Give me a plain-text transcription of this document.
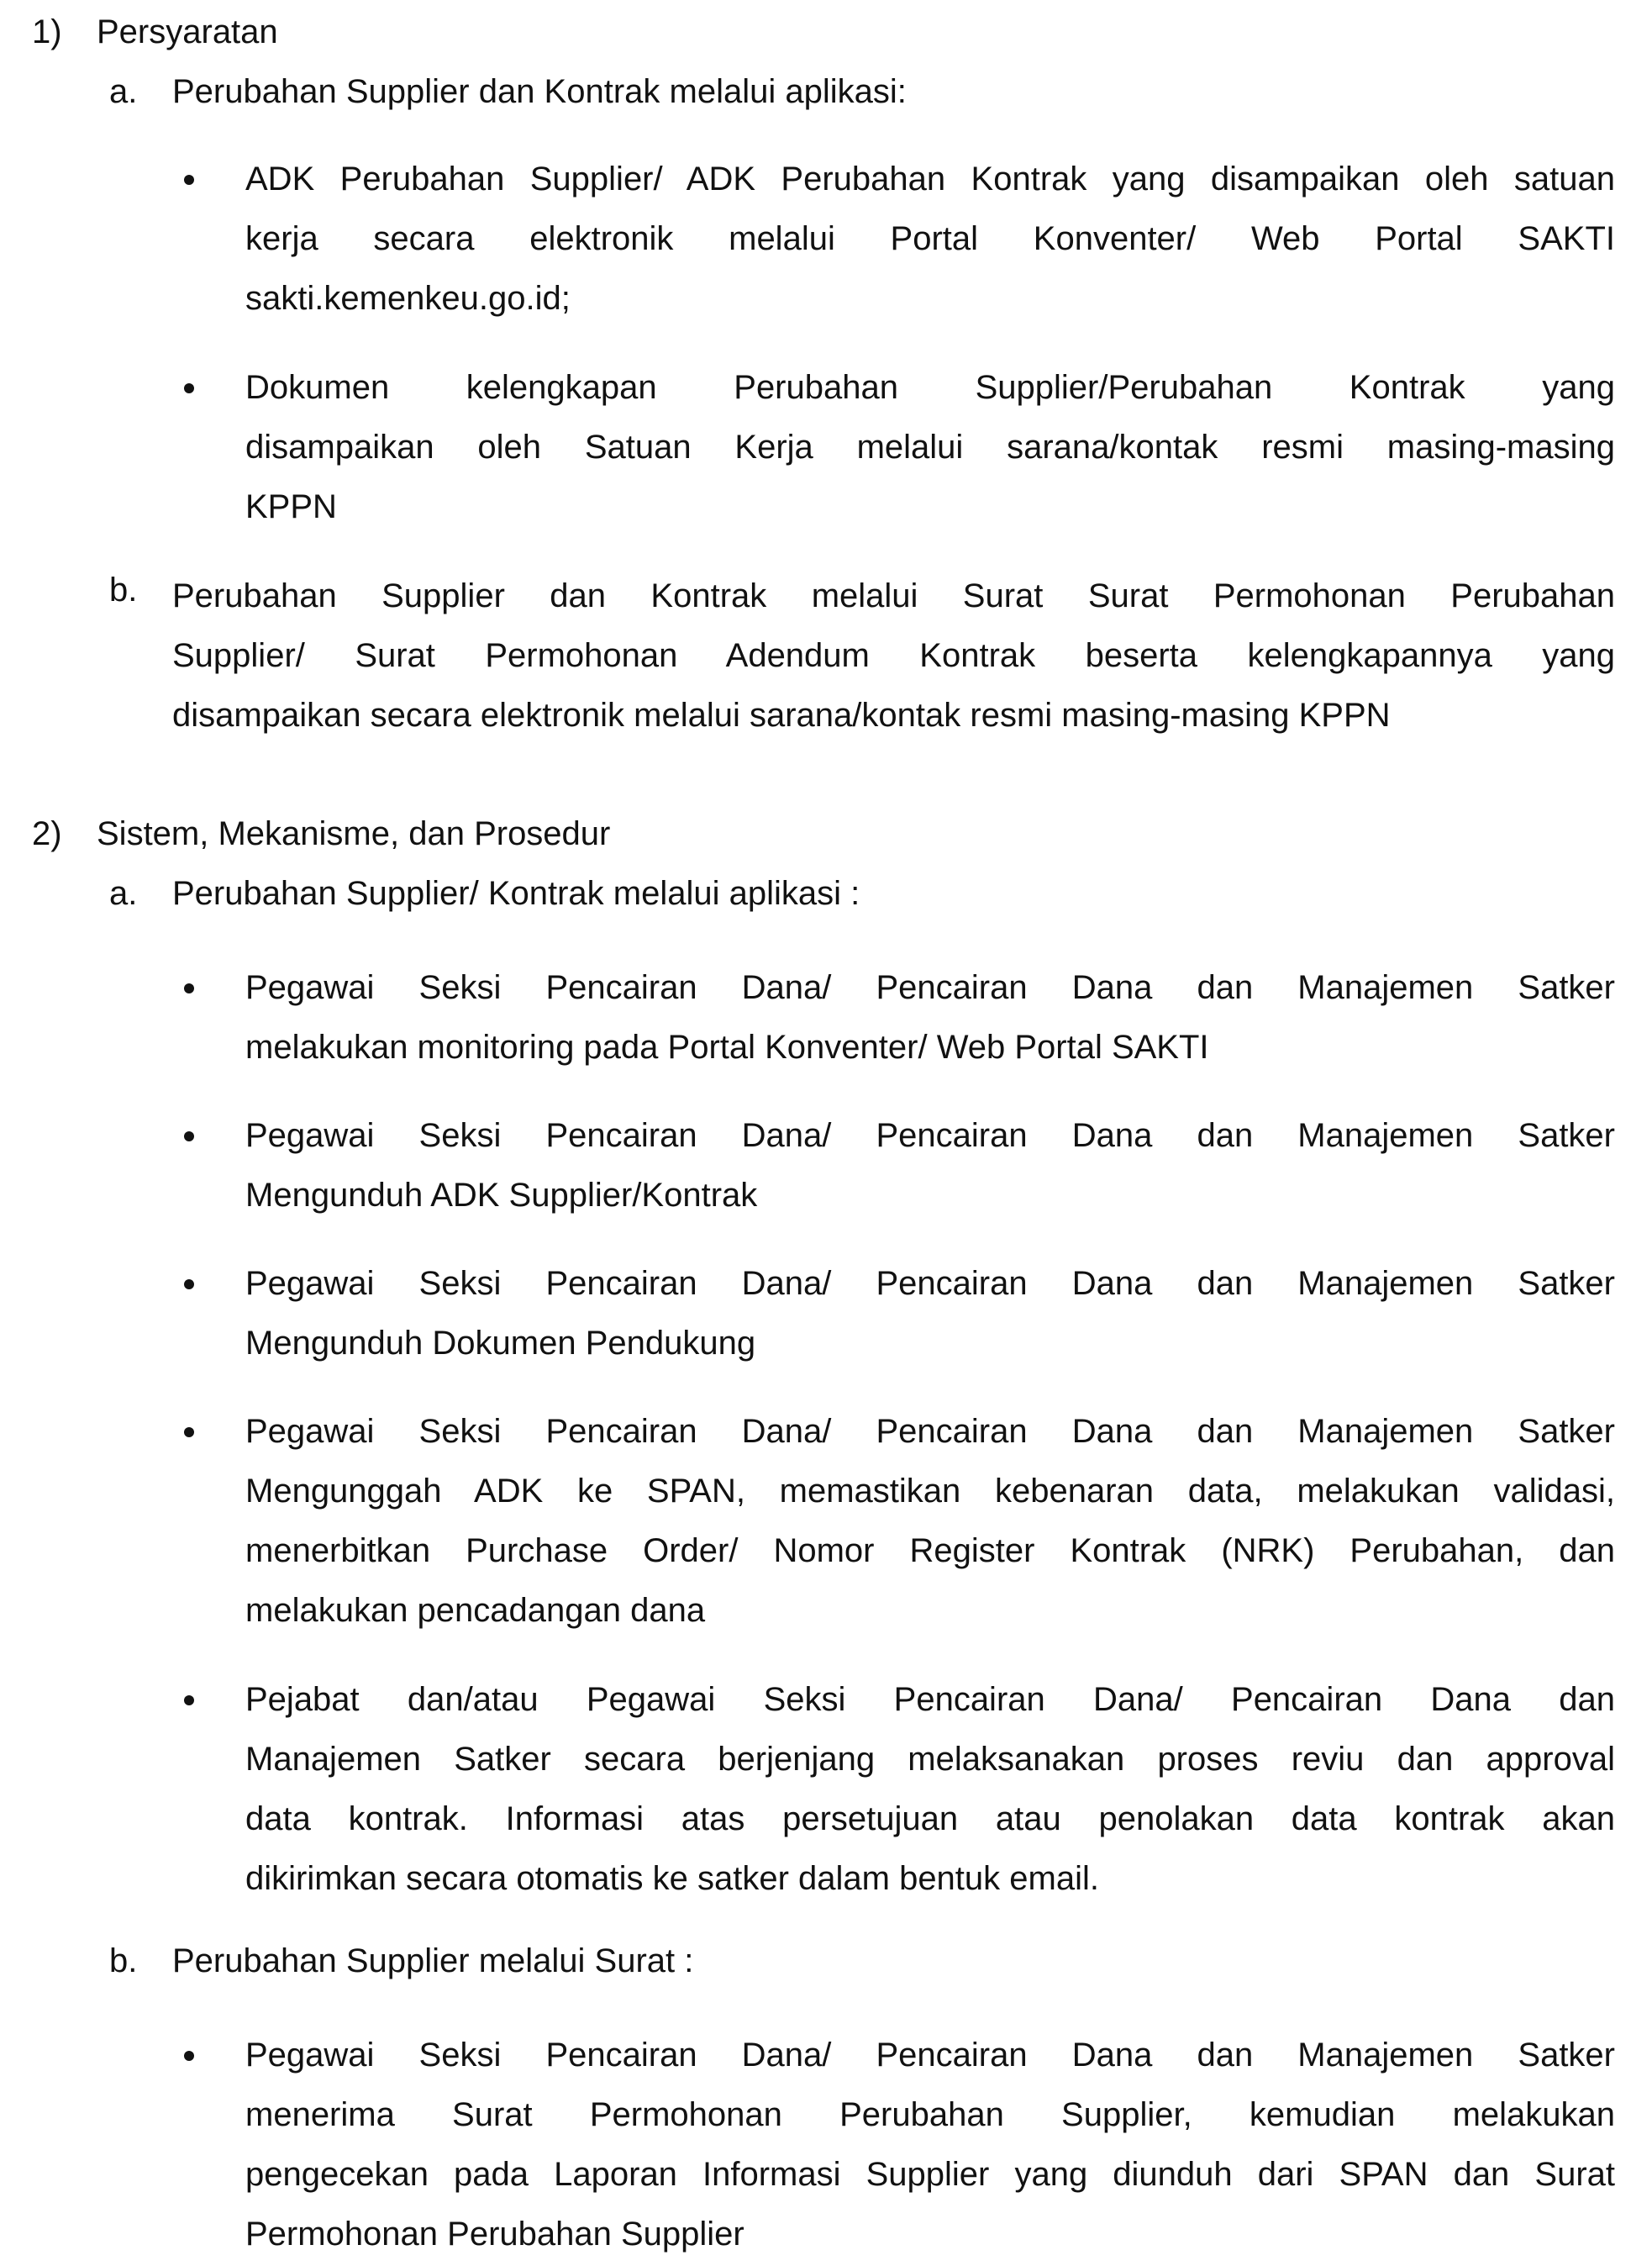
1) Persyaratan
a. Perubahan Supplier dan Kontrak melalui aplikasi:
ADK Perubahan Supplier/ ADK Perubahan Kontrak yang disampaikan oleh satuan
kerja secara elektronik melalui Portal Konventer/ Web Portal SAKTI
sakti.kemenkeu.go.id;
Dokumen kelengkapan Perubahan Supplier/Perubahan Kontrak yang
disampaikan oleh Satuan Kerja melalui sarana/kontak resmi masing-masing
KPPN
b. Perubahan Supplier dan Kontrak melalui Surat Surat Permohonan Perubahan
Supplier/ Surat Permohonan Adendum Kontrak beserta kelengkapannya yang
disampaikan secara elektronik melalui sarana/kontak resmi masing-masing KPPN
2) Sistem, Mekanisme, dan Prosedur
a. Perubahan Supplier/ Kontrak melalui aplikasi :
Pegawai Seksi Pencairan Dana/ Pencairan Dana dan Manajemen Satker
melakukan monitoring pada Portal Konventer/ Web Portal SAKTI
Pegawai Seksi Pencairan Dana/ Pencairan Dana dan Manajemen Satker
Mengunduh ADK Supplier/Kontrak
Pegawai Seksi Pencairan Dana/ Pencairan Dana dan Manajemen Satker
Mengunduh Dokumen Pendukung
Pegawai Seksi Pencairan Dana/ Pencairan Dana dan Manajemen Satker
Mengunggah ADK ke SPAN, memastikan kebenaran data, melakukan validasi,
menerbitkan Purchase Order/ Nomor Register Kontrak (NRK) Perubahan, dan
melakukan pencadangan dana
Pejabat dan/atau Pegawai Seksi Pencairan Dana/ Pencairan Dana dan
Manajemen Satker secara berjenjang melaksanakan proses reviu dan approval
data kontrak. Informasi atas persetujuan atau penolakan data kontrak akan
dikirimkan secara otomatis ke satker dalam bentuk email.
b. Perubahan Supplier melalui Surat :
Pegawai Seksi Pencairan Dana/ Pencairan Dana dan Manajemen Satker
menerima Surat Permohonan Perubahan Supplier, kemudian melakukan
pengecekan pada Laporan Informasi Supplier yang diunduh dari SPAN dan Surat
Permohonan Perubahan Supplier
